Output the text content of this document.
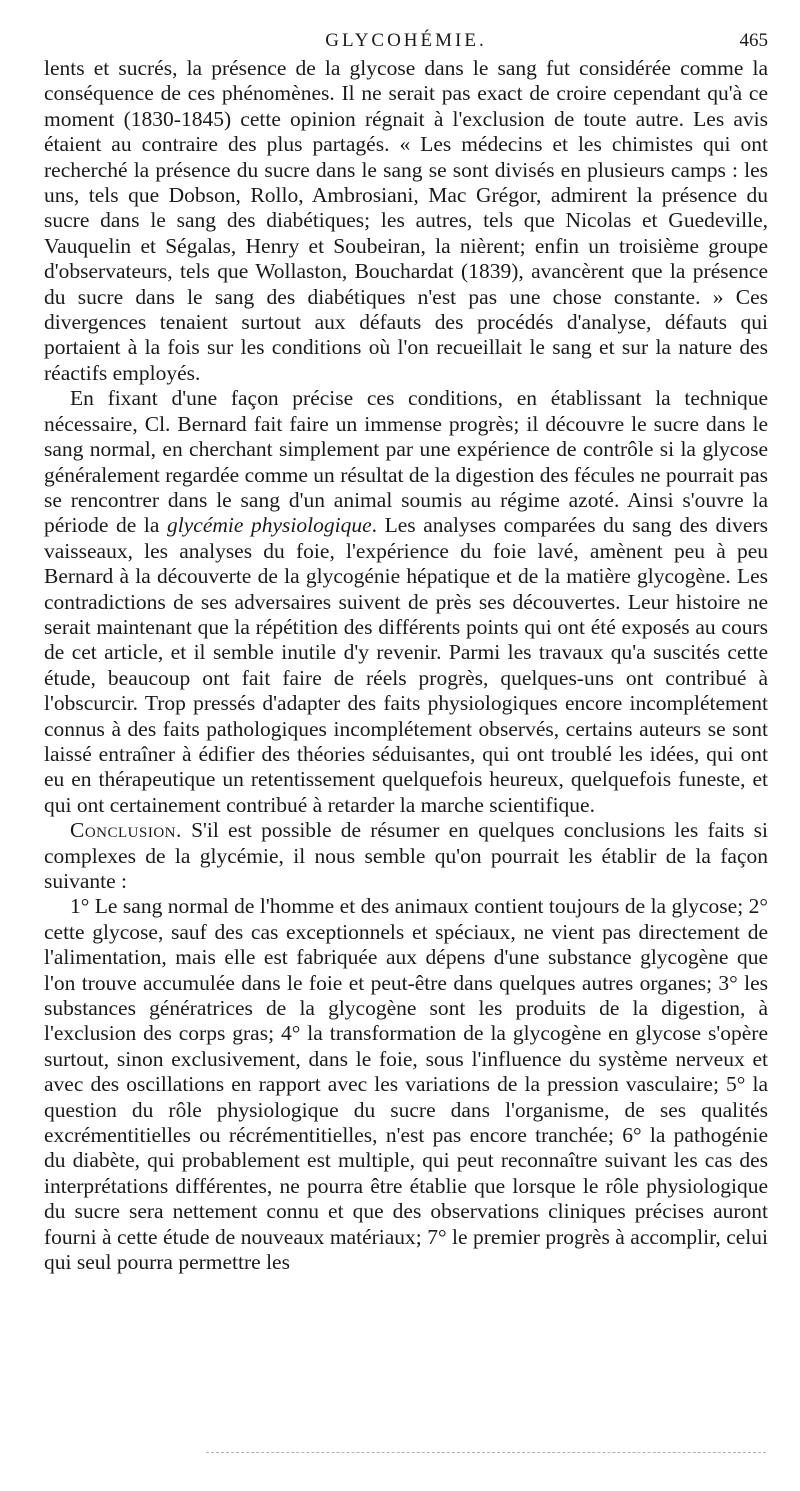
GLYCOHÉMIE.	465

lents et sucrés, la présence de la glycose dans le sang fut considérée comme la conséquence de ces phénomènes. Il ne serait pas exact de croire cependant qu'à ce moment (1830-1845) cette opinion régnait à l'exclusion de toute autre. Les avis étaient au contraire des plus partagés. « Les médecins et les chimistes qui ont recherché la présence du sucre dans le sang se sont divisés en plusieurs camps : les uns, tels que Dobson, Rollo, Ambrosiani, Mac Grégor, admirent la présence du sucre dans le sang des diabétiques; les autres, tels que Nicolas et Guedeville, Vauquelin et Ségalas, Henry et Soubeiran, la nièrent; enfin un troisième groupe d'observateurs, tels que Wollaston, Bouchardat (1839), avancèrent que la présence du sucre dans le sang des diabétiques n'est pas une chose constante. » Ces divergences tenaient surtout aux défauts des procédés d'analyse, défauts qui portaient à la fois sur les conditions où l'on recueillait le sang et sur la nature des réactifs employés.

En fixant d'une façon précise ces conditions, en établissant la technique nécessaire, Cl. Bernard fait faire un immense progrès; il découvre le sucre dans le sang normal, en cherchant simplement par une expérience de contrôle si la glycose généralement regardée comme un résultat de la digestion des fécules ne pourrait pas se rencontrer dans le sang d'un animal soumis au régime azoté. Ainsi s'ouvre la période de la glycémie physiologique. Les analyses comparées du sang des divers vaisseaux, les analyses du foie, l'expérience du foie lavé, amènent peu à peu Bernard à la découverte de la glycogénie hépatique et de la matière glycogène. Les contradictions de ses adversaires suivent de près ses découvertes. Leur histoire ne serait maintenant que la répétition des différents points qui ont été exposés au cours de cet article, et il semble inutile d'y revenir. Parmi les travaux qu'a suscités cette étude, beaucoup ont fait faire de réels progrès, quelques-uns ont contribué à l'obscurcir. Trop pressés d'adapter des faits physiologiques encore incomplétement connus à des faits pathologiques incomplétement observés, certains auteurs se sont laissé entraîner à édifier des théories séduisantes, qui ont troublé les idées, qui ont eu en thérapeutique un retentissement quelquefois heureux, quelquefois funeste, et qui ont certainement contribué à retarder la marche scientifique.

Conclusion. S'il est possible de résumer en quelques conclusions les faits si complexes de la glycémie, il nous semble qu'on pourrait les établir de la façon suivante :

1° Le sang normal de l'homme et des animaux contient toujours de la glycose; 2° cette glycose, sauf des cas exceptionnels et spéciaux, ne vient pas directement de l'alimentation, mais elle est fabriquée aux dépens d'une substance glycogène que l'on trouve accumulée dans le foie et peut-être dans quelques autres organes; 3° les substances génératrices de la glycogène sont les produits de la digestion, à l'exclusion des corps gras; 4° la transformation de la glycogène en glycose s'opère surtout, sinon exclusivement, dans le foie, sous l'influence du système nerveux et avec des oscillations en rapport avec les variations de la pression vasculaire; 5° la question du rôle physiologique du sucre dans l'organisme, de ses qualités excrémentitielles ou récrémentitielles, n'est pas encore tranchée; 6° la pathogénie du diabète, qui probablement est multiple, qui peut reconnaître suivant les cas des interprétations différentes, ne pourra être établie que lorsque le rôle physiologique du sucre sera nettement connu et que des observations cliniques précises auront fourni à cette étude de nouveaux matériaux; 7° le premier progrès à accomplir, celui qui seul pourra permettre les
